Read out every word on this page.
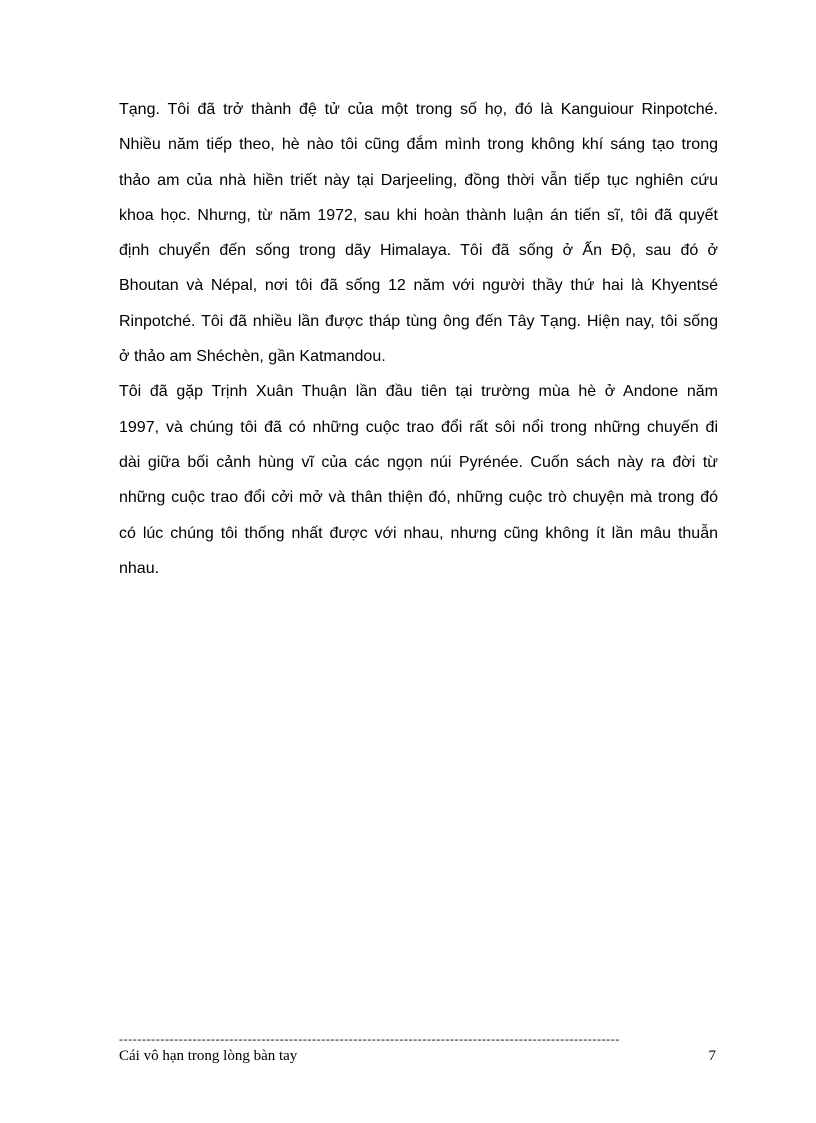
Tạng. Tôi đã trở thành đệ tử của một trong số họ, đó là Kanguiour Rinpotché.
Nhiều năm tiếp theo, hè nào tôi cũng đắm mình trong không khí sáng tạo trong
thảo am của nhà hiền triết này tại Darjeeling, đồng thời vẫn tiếp tục nghiên cứu
khoa học. Nhưng, từ năm 1972, sau khi hoàn thành luận án tiến sĩ, tôi đã quyết
định chuyển đến sống trong dãy Himalaya. Tôi đã sống ở Ấn Độ, sau đó ở
Bhoutan và Népal, nơi tôi đã sống 12 năm với người thầy thứ hai là Khyentsé
Rinpotché. Tôi đã nhiều lần được tháp tùng ông đến Tây Tạng. Hiện nay, tôi sống
ở thảo am Shéchèn, gần Katmandou.
Tôi đã gặp Trịnh Xuân Thuận lần đầu tiên tại trường mùa hè ở Andone năm
1997, và chúng tôi đã có những cuộc trao đổi rất sôi nổi trong những chuyến đi
dài giữa bối cảnh hùng vĩ của các ngọn núi Pyrénée. Cuốn sách này ra đời từ
những cuộc trao đổi cởi mở và thân thiện đó, những cuộc trò chuyện mà trong đó
có lúc chúng tôi thống nhất được với nhau, nhưng cũng không ít lần mâu thuẫn
nhau.
-------------------------------------------------------------------------------------------------------------
Cái vô hạn trong lòng bàn tay	7
